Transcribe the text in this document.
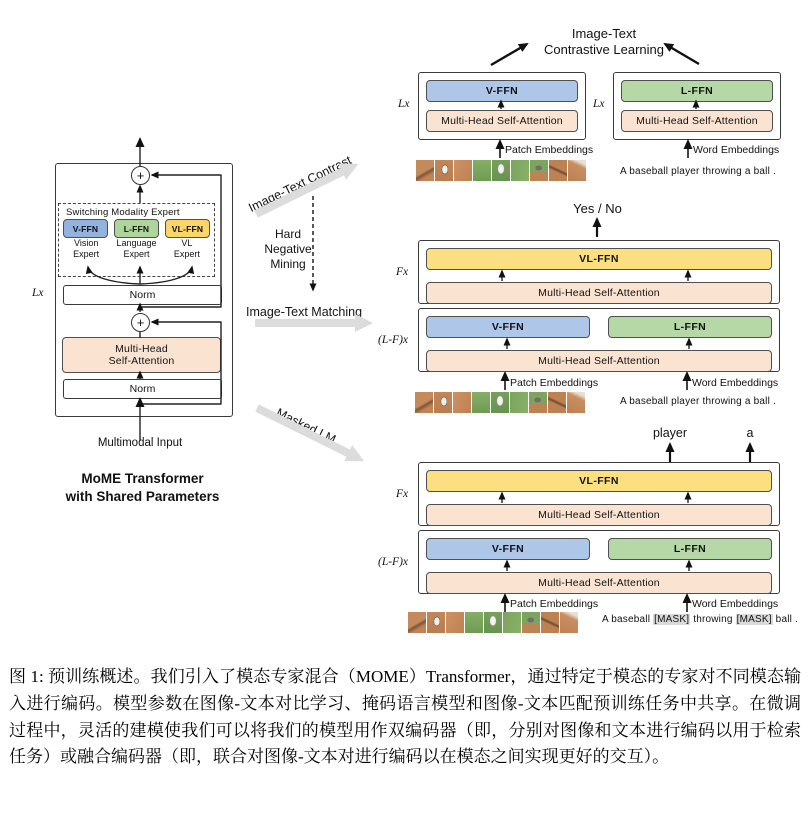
+
Switching Modality Expert
V-FFN	L-FFN	VL-FFN
Vision
Expert
Language
Expert
VL
Expert
Norm
Lx
+
Multi-Head
Self-Attention
Norm
Multimodal Input
MoME Transformer
with Shared Parameters
Image-Text Contrast
Hard
Negative
Mining
Image-Text Matching
Masked LM
Image-Text
Contrastive Learning
V-FFN
Multi-Head Self-Attention
Lx
L-FFN
Multi-Head Self-Attention
Lx
Patch Embeddings	Word Embeddings
A baseball player throwing a ball .
Yes / No
VL-FFN
Multi-Head Self-Attention
Fx
V-FFN	L-FFN
Multi-Head Self-Attention
(L-F)x
Patch Embeddings	Word Embeddings
A baseball player throwing a ball .
player	a
VL-FFN
Multi-Head Self-Attention
Fx
V-FFN	L-FFN
Multi-Head Self-Attention
(L-F)x
Patch Embeddings	Word Embeddings
A baseball [MASK] throwing [MASK] ball .

图 1: 预训练概述。我们引入了模态专家混合（MOME）Transformer，通过特定于模态的专家对不同模态输入进行编码。模型参数在图像-文本对比学习、掩码语言模型和图像-文本匹配预训练任务中共享。在微调过程中，灵活的建模使我们可以将我们的模型用作双编码器（即，分别对图像和文本进行编码以用于检索任务）或融合编码器（即，联合对图像-文本对进行编码以在模态之间实现更好的交互）。
